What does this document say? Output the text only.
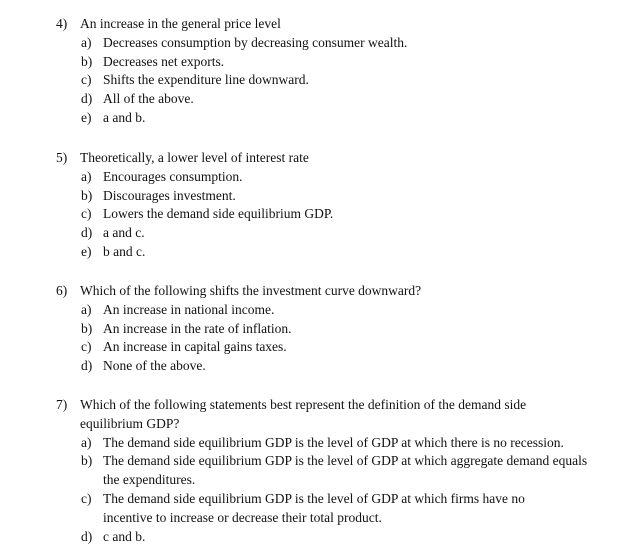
4) An increase in the general price level
a) Decreases consumption by decreasing consumer wealth.
b) Decreases net exports.
c) Shifts the expenditure line downward.
d) All of the above.
e) a and b.
5) Theoretically, a lower level of interest rate
a) Encourages consumption.
b) Discourages investment.
c) Lowers the demand side equilibrium GDP.
d) a and c.
e) b and c.
6) Which of the following shifts the investment curve downward?
a) An increase in national income.
b) An increase in the rate of inflation.
c) An increase in capital gains taxes.
d) None of the above.
7) Which of the following statements best represent the definition of the demand side equilibrium GDP?
a) The demand side equilibrium GDP is the level of GDP at which there is no recession.
b) The demand side equilibrium GDP is the level of GDP at which aggregate demand equals the expenditures.
c) The demand side equilibrium GDP is the level of GDP at which firms have no incentive to increase or decrease their total product.
d) c and b.
